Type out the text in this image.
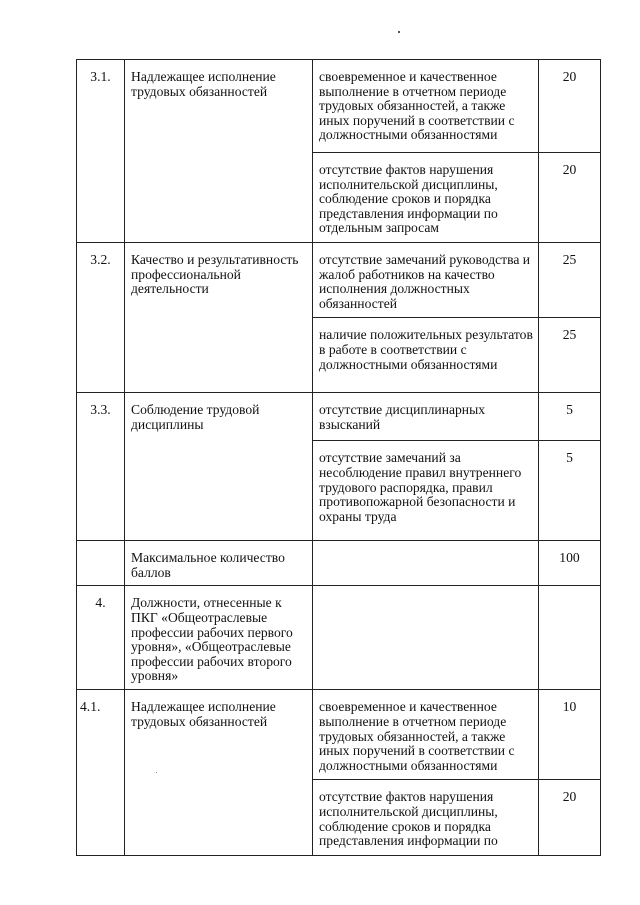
3.1.	Надлежащее исполнение трудовых обязанностей	своевременное и качественное выполнение в отчетном периоде трудовых обязанностей, а также иных поручений в соответствии с должностными обязанностями	20
		отсутствие фактов нарушения исполнительской дисциплины, соблюдение сроков и порядка представления информации по отдельным запросам	20
3.2.	Качество и результативность профессиональной деятельности	отсутствие замечаний руководства и жалоб работников на качество исполнения должностных обязанностей	25
		наличие положительных результатов в работе в соответствии с должностными обязанностями	25
3.3.	Соблюдение трудовой дисциплины	отсутствие дисциплинарных взысканий	5
		отсутствие замечаний за несоблюдение правил внутреннего трудового распорядка, правил противопожарной безопасности и охраны труда	5
	Максимальное количество баллов		100
4.	Должности, отнесенные к ПКГ «Общеотраслевые профессии рабочих первого уровня», «Общеотраслевые профессии рабочих второго уровня»		
4.1.	Надлежащее исполнение трудовых обязанностей	своевременное и качественное выполнение в отчетном периоде трудовых обязанностей, а также иных поручений в соответствии с должностными обязанностями	10
		отсутствие фактов нарушения исполнительской дисциплины, соблюдение сроков и порядка представления информации по	20
